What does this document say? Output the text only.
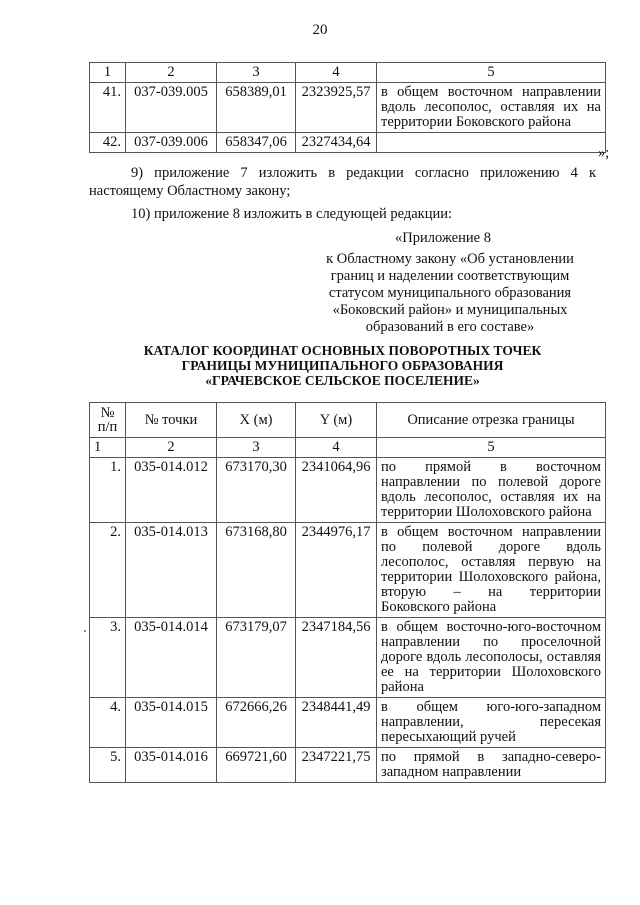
20
1	2	3	4	5
41.	037-039.005	658389,01	2323925,57	в общем восточном направлении вдоль лесополос, оставляя их на территории Боковского района
42.	037-039.006	658347,06	2327434,64	
»;
9) приложение 7 изложить в редакции согласно приложению 4 к настоящему Областному закону;
10) приложение 8 изложить в следующей редакции:
«Приложение 8
к Областному закону «Об установлении
границ и наделении соответствующим
статусом муниципального образования
«Боковский район» и муниципальных
образований в его составе»
КАТАЛОГ КООРДИНАТ ОСНОВНЫХ ПОВОРОТНЫХ ТОЧЕК
ГРАНИЦЫ МУНИЦИПАЛЬНОГО ОБРАЗОВАНИЯ
«ГРАЧЕВСКОЕ СЕЛЬСКОЕ ПОСЕЛЕНИЕ»
№ п/п	№ точки	X (м)	Y (м)	Описание отрезка границы
1	2	3	4	5
1.	035-014.012	673170,30	2341064,96	по прямой в восточном направлении по полевой дороге вдоль лесополос, оставляя их на территории Шолоховского района
2.	035-014.013	673168,80	2344976,17	в общем восточном направлении по полевой дороге вдоль лесополос, оставляя первую на территории Шолоховского района, вторую – на территории Боковского района
3.	035-014.014	673179,07	2347184,56	в общем восточно-юго-восточном направлении по проселочной дороге вдоль лесополосы, оставляя ее на территории Шолоховского района
4.	035-014.015	672666,26	2348441,49	в общем юго-юго-западном направлении, пересекая пересыхающий ручей
5.	035-014.016	669721,60	2347221,75	по прямой в западно-северо-западном направлении
